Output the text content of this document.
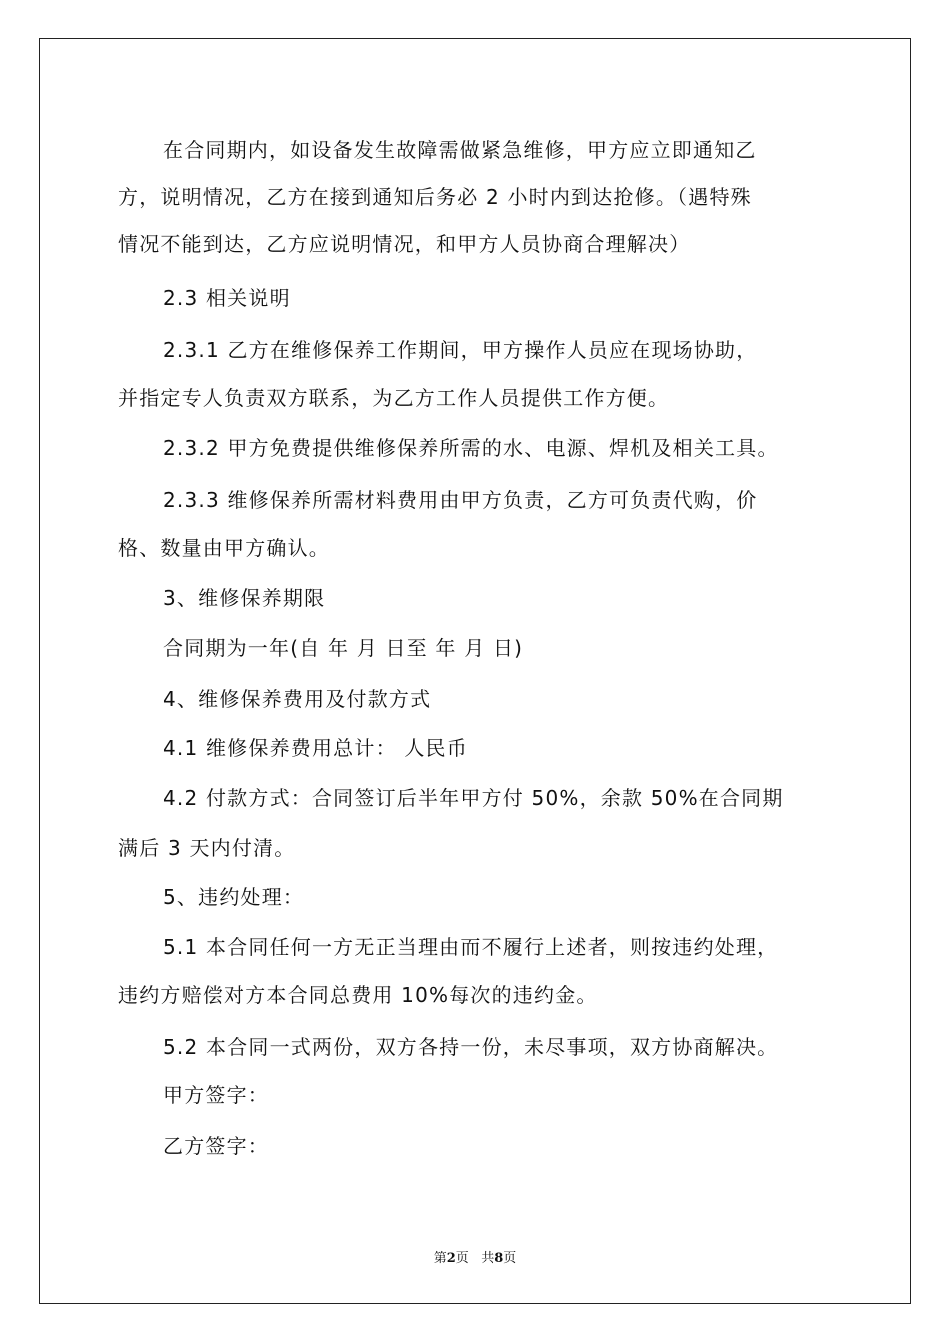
在合同期内，如设备发生故障需做紧急维修，甲方应立即通知乙
方，说明情况，乙方在接到通知后务必 2 小时内到达抢修。（遇特殊
情况不能到达，乙方应说明情况，和甲方人员协商合理解决）
2.3 相关说明
2.3.1 乙方在维修保养工作期间，甲方操作人员应在现场协助，
并指定专人负责双方联系，为乙方工作人员提供工作方便。
2.3.2 甲方免费提供维修保养所需的水、电源、焊机及相关工具。
2.3.3 维修保养所需材料费用由甲方负责，乙方可负责代购，价
格、数量由甲方确认。
3、维修保养期限
合同期为一年(自 年 月 日至 年 月 日)
4、维修保养费用及付款方式
4.1 维修保养费用总计： 人民币
4.2 付款方式：合同签订后半年甲方付 50%，余款 50%在合同期
满后 3 天内付清。
5、违约处理：
5.1 本合同任何一方无正当理由而不履行上述者，则按违约处理，
违约方赔偿对方本合同总费用 10%每次的违约金。
5.2 本合同一式两份，双方各持一份，未尽事项，双方协商解决。
甲方签字：
乙方签字：
第2页 共8页
